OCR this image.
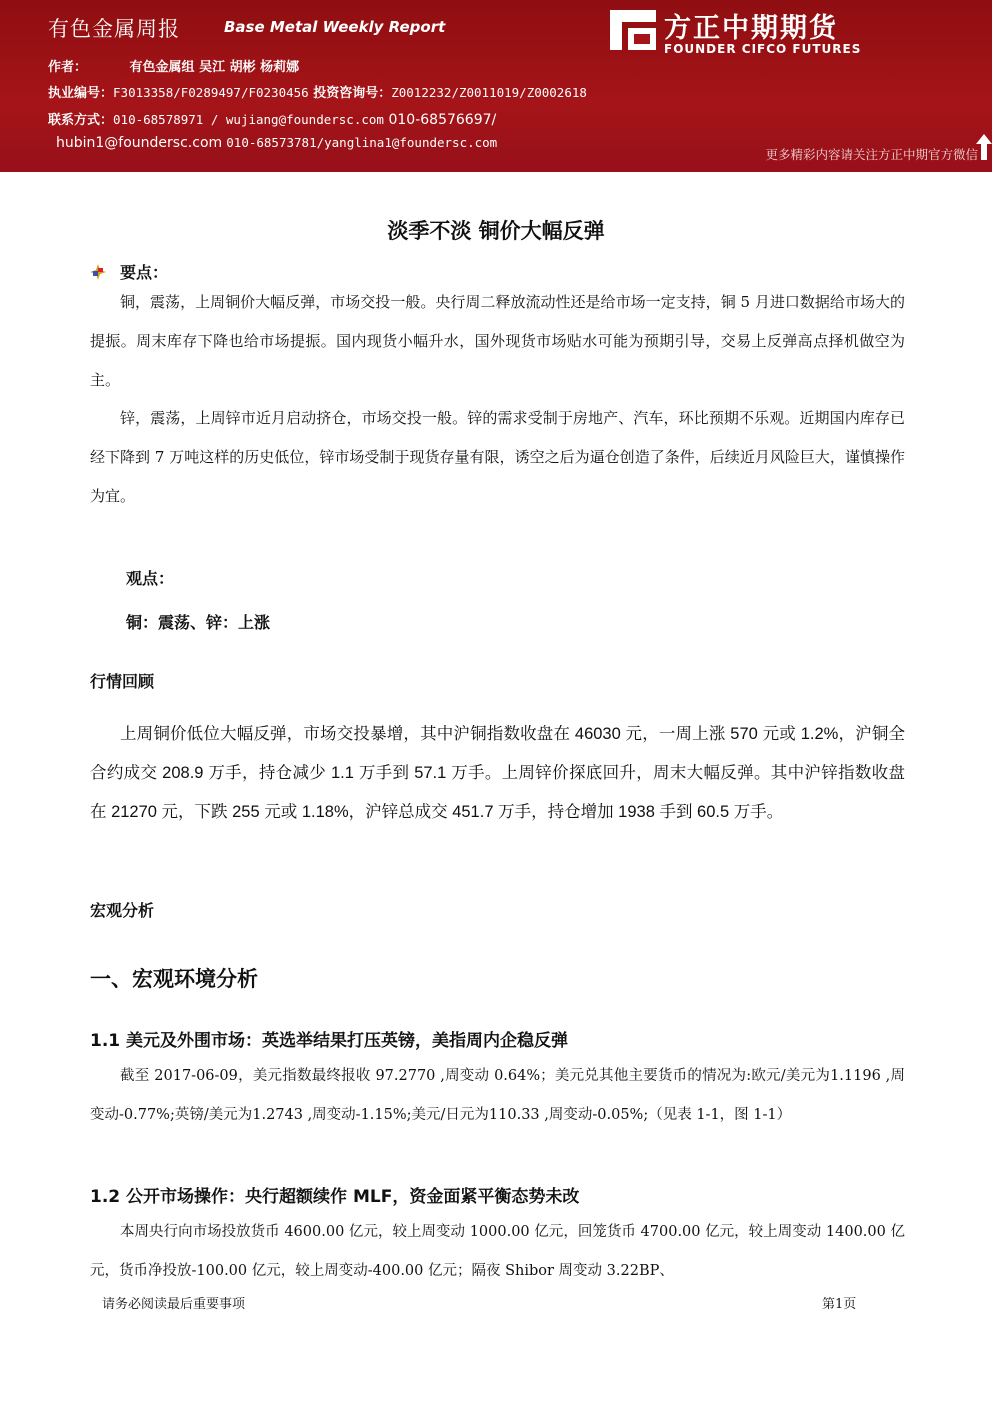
有色金属周报	Base Metal Weekly Report
作者：	有色金属组 吴江 胡彬 杨莉娜
执业编号：F3013358/F0289497/F0230456 投资咨询号：Z0012232/Z0011019/Z0002618
联系方式：010-68578971 / wujiang@foundersc.com 010-68576697/
hubin1@foundersc.com 010-68573781/yanglina1@foundersc.com
方正中期期货
FOUNDER CIFCO FUTURES
更多精彩内容请关注方正中期官方微信
淡季不淡 铜价大幅反弹
要点：
铜，震荡，上周铜价大幅反弹，市场交投一般。央行周二释放流动性还是给市场一定支持，铜 5 月进口数据给市场大的提振。周末库存下降也给市场提振。国内现货小幅升水，国外现货市场贴水可能为预期引导，交易上反弹高点择机做空为主。
锌，震荡，上周锌市近月启动挤仓，市场交投一般。锌的需求受制于房地产、汽车，环比预期不乐观。近期国内库存已经下降到 7 万吨这样的历史低位，锌市场受制于现货存量有限，诱空之后为逼仓创造了条件，后续近月风险巨大，谨慎操作为宜。
观点：
铜：震荡、锌：上涨
行情回顾
上周铜价低位大幅反弹，市场交投暴增，其中沪铜指数收盘在 46030 元，一周上涨 570 元或 1.2%，沪铜全合约成交 208.9 万手，持仓减少 1.1 万手到 57.1 万手。上周锌价探底回升，周末大幅反弹。其中沪锌指数收盘在 21270 元，下跌 255 元或 1.18%，沪锌总成交 451.7 万手，持仓增加 1938 手到 60.5 万手。
宏观分析
一、宏观环境分析
1.1 美元及外围市场：英选举结果打压英镑，美指周内企稳反弹
截至 2017-06-09，美元指数最终报收 97.2770 ,周变动 0.64%；美元兑其他主要货币的情况为:欧元/美元为1.1196 ,周变动-0.77%;英镑/美元为1.2743 ,周变动-1.15%;美元/日元为110.33 ,周变动-0.05%;（见表 1-1，图 1-1）
1.2 公开市场操作：央行超额续作 MLF，资金面紧平衡态势未改
本周央行向市场投放货币 4600.00 亿元，较上周变动 1000.00 亿元，回笼货币 4700.00 亿元，较上周变动 1400.00 亿元，货币净投放-100.00 亿元，较上周变动-400.00 亿元；隔夜 Shibor 周变动 3.22BP、
请务必阅读最后重要事项	第1页
